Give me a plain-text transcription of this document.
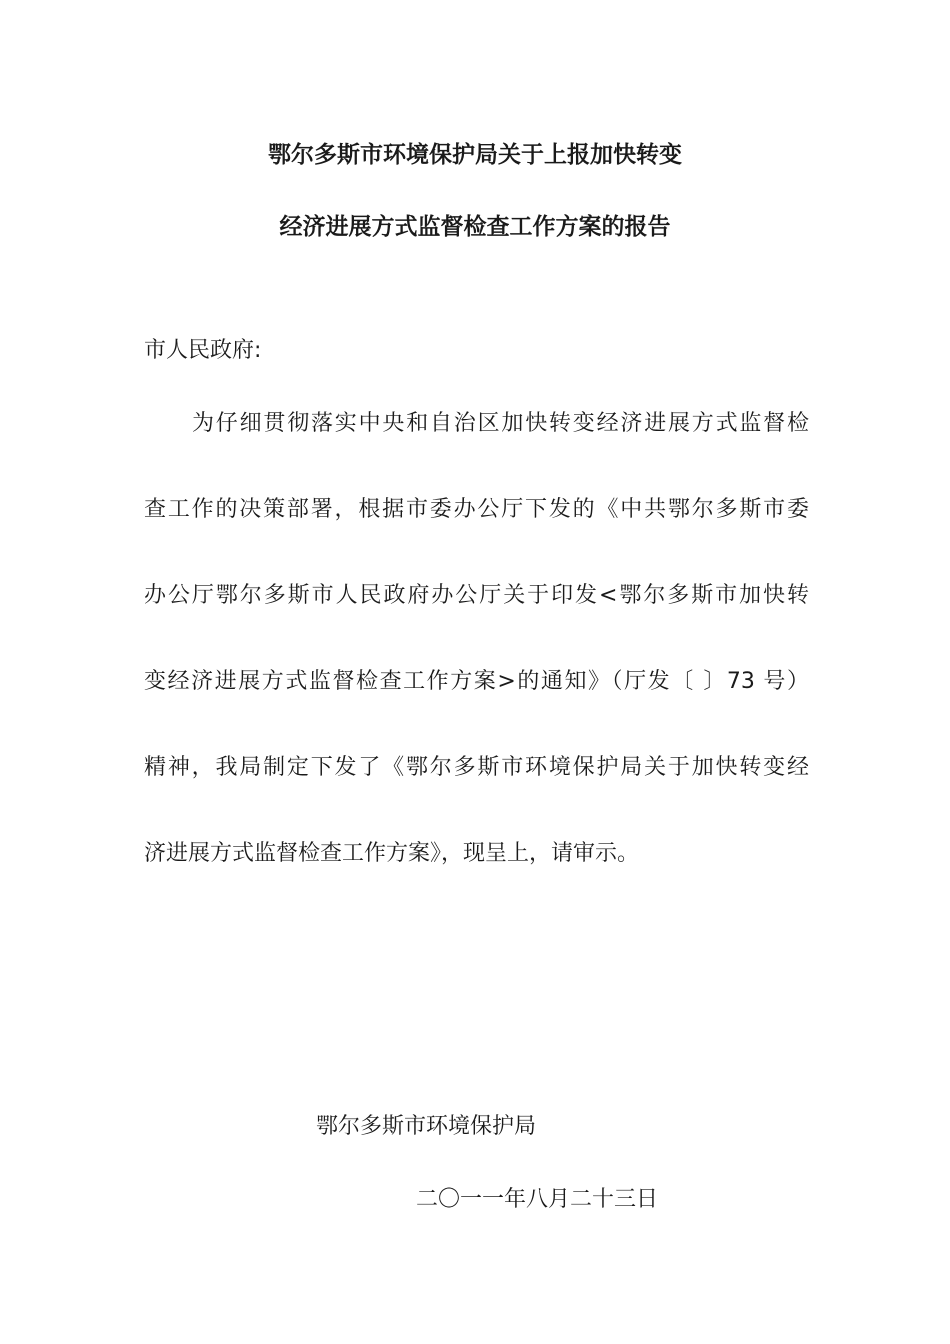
鄂尔多斯市环境保护局关于上报加快转变
经济进展方式监督检查工作方案的报告
市人民政府:
为仔细贯彻落实中央和自治区加快转变经济进展方式监督检
查工作的决策部署，根据市委办公厅下发的《中共鄂尔多斯市委
办公厅鄂尔多斯市人民政府办公厅关于印发<鄂尔多斯市加快转
变经济进展方式监督检查工作方案>的通知》（厅发〔 〕73 号）
精神，我局制定下发了《鄂尔多斯市环境保护局关于加快转变经
济进展方式监督检查工作方案》，现呈上，请审示。
鄂尔多斯市环境保护局
二〇一一年八月二十三日
